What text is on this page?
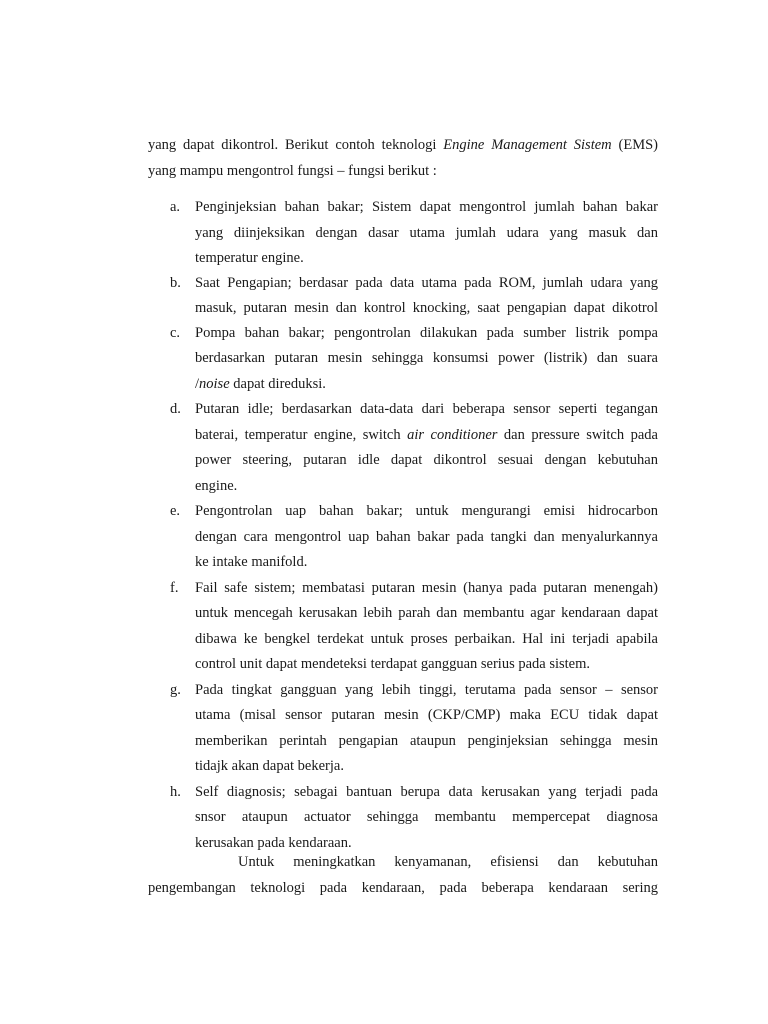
yang dapat dikontrol. Berikut contoh teknologi Engine Management Sistem (EMS)
yang mampu mengontrol fungsi – fungsi berikut :
a. Penginjeksian bahan bakar; Sistem dapat mengontrol jumlah bahan bakar
yang diinjeksikan dengan dasar utama jumlah udara yang masuk dan
temperatur engine.
b. Saat Pengapian; berdasar pada data utama pada ROM, jumlah udara yang
masuk, putaran mesin dan kontrol knocking, saat pengapian dapat dikotrol
c. Pompa bahan bakar; pengontrolan dilakukan pada sumber listrik pompa
berdasarkan putaran mesin sehingga konsumsi power (listrik) dan suara
/noise dapat direduksi.
d. Putaran idle; berdasarkan data-data dari beberapa sensor seperti tegangan
baterai, temperatur engine, switch air conditioner dan pressure switch pada
power steering, putaran idle dapat dikontrol sesuai dengan kebutuhan
engine.
e. Pengontrolan uap bahan bakar; untuk mengurangi emisi hidrocarbon
dengan cara mengontrol uap bahan bakar pada tangki dan menyalurkannya
ke intake manifold.
f. Fail safe sistem; membatasi putaran mesin (hanya pada putaran menengah)
untuk mencegah kerusakan lebih parah dan membantu agar kendaraan dapat
dibawa ke bengkel terdekat untuk proses perbaikan. Hal ini terjadi apabila
control unit dapat mendeteksi terdapat gangguan serius pada sistem.
g. Pada tingkat gangguan yang lebih tinggi, terutama pada sensor – sensor
utama (misal sensor putaran mesin (CKP/CMP) maka ECU tidak dapat
memberikan perintah pengapian ataupun penginjeksian sehingga mesin
tidajk akan dapat bekerja.
h. Self diagnosis; sebagai bantuan berupa data kerusakan yang terjadi pada
snsor ataupun actuator sehingga membantu mempercepat diagnosa
kerusakan pada kendaraan.
Untuk meningkatkan kenyamanan, efisiensi dan kebutuhan
pengembangan teknologi pada kendaraan, pada beberapa kendaraan sering
